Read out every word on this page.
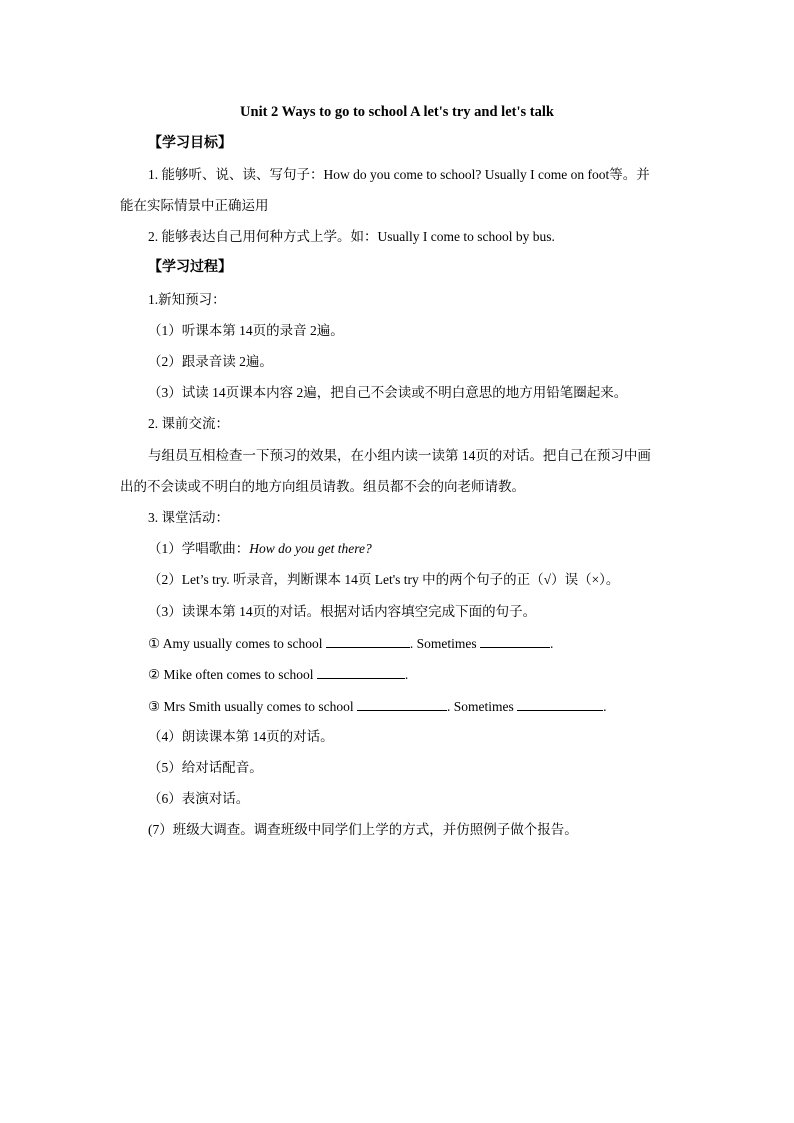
Unit 2 Ways to go to school A let's try and let's talk
【学习目标】
1. 能够听、说、读、写句子：How do you come to school? Usually I come on foot等。并
能在实际情景中正确运用
2. 能够表达自己用何种方式上学。如：Usually I come to school by bus.
【学习过程】
1.新知预习：
（1）听课本第 14页的录音 2遍。
（2）跟录音读 2遍。
（3）试读 14页课本内容 2遍，把自己不会读或不明白意思的地方用铅笔圈起来。
2. 课前交流：
与组员互相检查一下预习的效果，在小组内读一读第 14页的对话。把自己在预习中画
出的不会读或不明白的地方向组员请教。组员都不会的向老师请教。
3. 课堂活动：
（1）学唱歌曲：How do you get there?
（2）Let’s try. 听录音，判断课本 14页 Let's try 中的两个句子的正（√）误（×）。
（3）读课本第 14页的对话。根据对话内容填空完成下面的句子。
① Amy usually comes to school	. Sometimes	.
② Mike often comes to school	.
③ Mrs Smith usually comes to school	. Sometimes	.
（4）朗读课本第 14页的对话。
（5）给对话配音。
（6）表演对话。
(7）班级大调查。调查班级中同学们上学的方式，并仿照例子做个报告。
